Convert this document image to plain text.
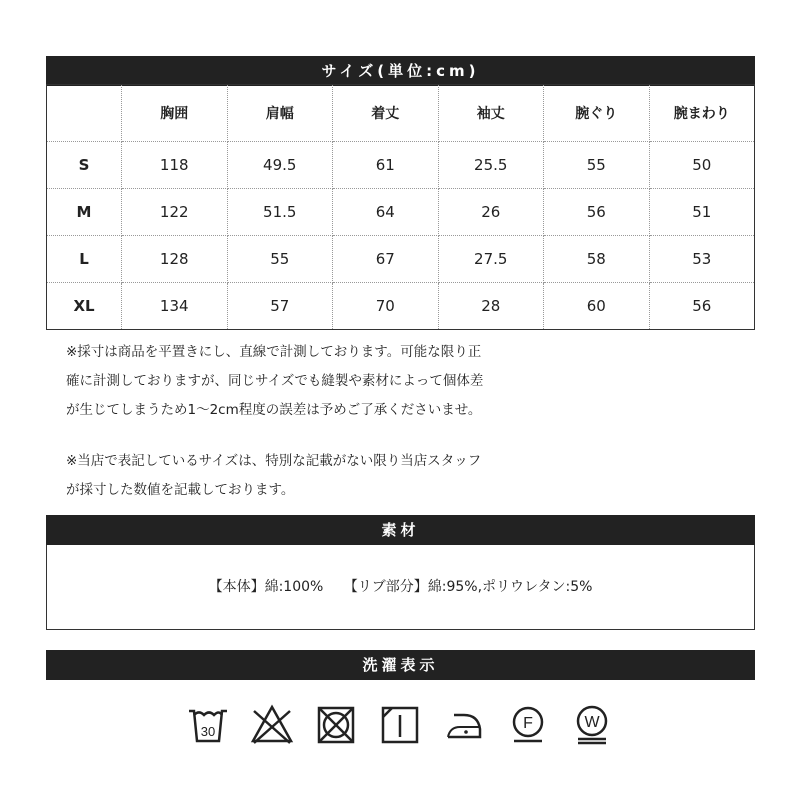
サイズ(単位:cm)
	胸囲	肩幅	着丈	袖丈	腕ぐり	腕まわり
S	118	49.5	61	25.5	55	50
M	122	51.5	64	26	56	51
L	128	55	67	27.5	58	53
XL	134	57	70	28	60	56

※採寸は商品を平置きにし、直線で計測しております。可能な限り正

確に計測しておりますが、同じサイズでも縫製や素材によって個体差

が生じてしまうため1～2cm程度の誤差は予めご了承くださいませ。

※当店で表記しているサイズは、特別な記載がない限り当店スタッフ

が採寸した数値を記載しております。

素材
【本体】綿:100%　 【リブ部分】綿:95%,ポリウレタン:5%
洗濯表示
30	F	W
